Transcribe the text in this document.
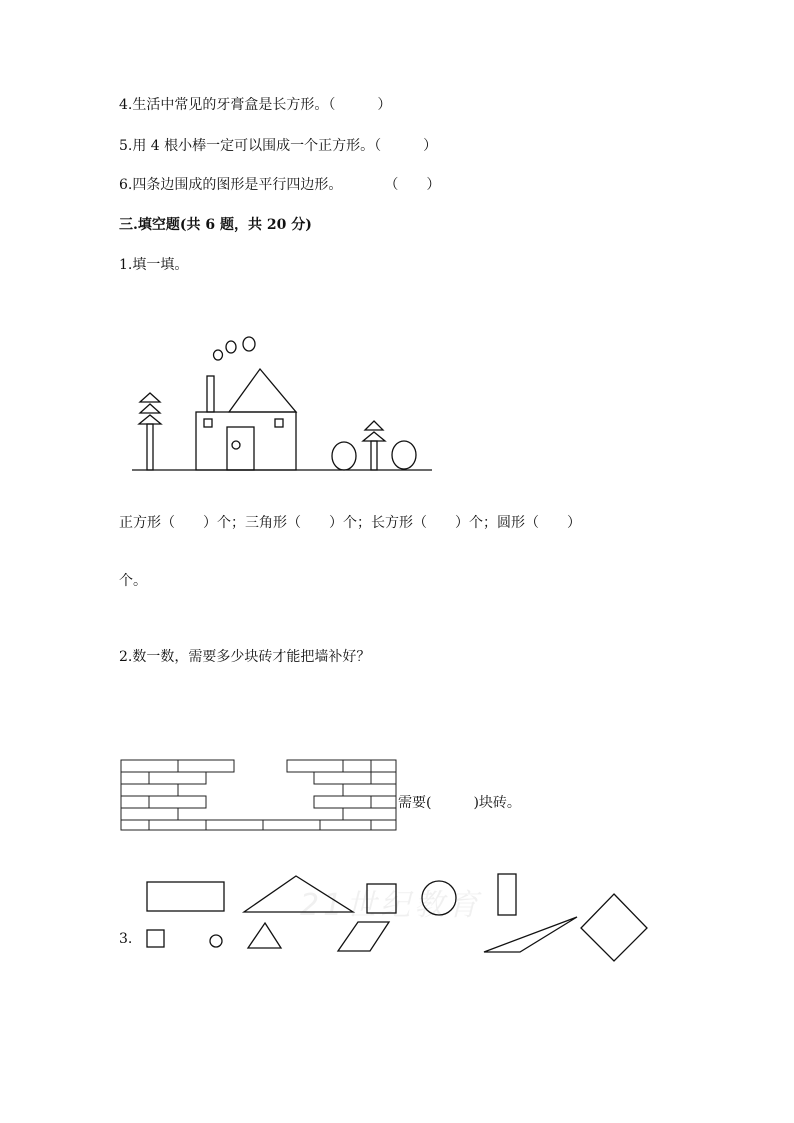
4.生活中常见的牙膏盒是长方形。（　　　）
5.用 4 根小棒一定可以围成一个正方形。（　　　）
6.四条边围成的图形是平行四边形。　　　　（　　）
三.填空题(共 6 题，共 20 分)
1.填一填。
正方形（　　）个；三角形（　　）个；长方形（　　）个；圆形（　　）
个。
2.数一数，需要多少块砖才能把墙补好？
需要(　　　)块砖。
3.
21世纪教育
